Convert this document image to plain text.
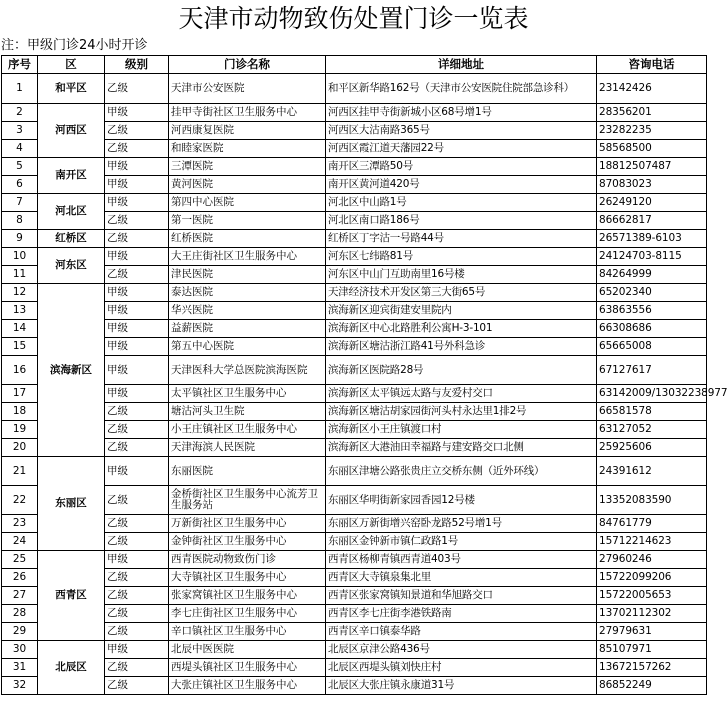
天津市动物致伤处置门诊一览表
注：甲级门诊24小时开诊
序号	区	级别	门诊名称	详细地址	咨询电话
1	和平区	乙级	天津市公安医院	和平区新华路162号（天津市公安医院住院部急诊科）	23142426
2	河西区	甲级	挂甲寺街社区卫生服务中心	河西区挂甲寺街新城小区68号增1号	28356201
3		乙级	河西康复医院	河西区大沽南路365号	23282235
4		乙级	和睦家医院	河西区霞江道天藩园22号	58568500
5	南开区	甲级	三潭医院	南开区三潭路50号	18812507487
6		甲级	黄河医院	南开区黄河道420号	87083023
7	河北区	甲级	第四中心医院	河北区中山路1号	26249120
8		乙级	第一医院	河北区南口路186号	86662817
9	红桥区	乙级	红桥医院	红桥区丁字沽一号路44号	26571389-6103
10	河东区	甲级	大王庄街社区卫生服务中心	河东区七纬路81号	24124703-8115
11		乙级	津民医院	河东区中山门互助南里16号楼	84264999
12	滨海新区	甲级	泰达医院	天津经济技术开发区第三大街65号	65202340
13		甲级	华兴医院	滨海新区迎宾街建安里院内	63863556
14		甲级	益薪医院	滨海新区中心北路胜利公寓H-3-101	66308686
15		甲级	第五中心医院	滨海新区塘沽浙江路41号外科急诊	65665008
16		甲级	天津医科大学总医院滨海医院	滨海新区医院路28号	67127617
17		甲级	太平镇社区卫生服务中心	滨海新区太平镇远太路与友爱村交口	63142009/13032238977
18		乙级	塘沽河头卫生院	滨海新区塘沽胡家园街河头村永达里1排2号	66581578
19		乙级	小王庄镇社区卫生服务中心	滨海新区小王庄镇渡口村	63127052
20		乙级	天津海滨人民医院	滨海新区大港油田幸福路与建安路交口北侧	25925606
21	东丽区	甲级	东丽医院	东丽区津塘公路张贵庄立交桥东侧（近外环线）	24391612
22		乙级	金桥街社区卫生服务中心流芳卫生服务站	东丽区华明街新家园香园12号楼	13352083590
23		乙级	万新街社区卫生服务中心	东丽区万新街增兴窑卧龙路52号增1号	84761779
24		乙级	金钟街社区卫生服务中心	东丽区金钟新市镇仁政路1号	15712214623
25	西青区	甲级	西青医院动物致伤门诊	西青区杨柳青镇西青道403号	27960246
26		乙级	大寺镇社区卫生服务中心	西青区大寺镇泉集北里	15722099206
27		乙级	张家窝镇社区卫生服务中心	西青区张家窝镇知景道和华旭路交口	15722005653
28		乙级	李七庄街社区卫生服务中心	西青区李七庄街李港铁路南	13702112302
29		乙级	辛口镇社区卫生服务中心	西青区辛口镇泰华路	27979631
30	北辰区	甲级	北辰中医医院	北辰区京津公路436号	85107971
31		乙级	西堤头镇社区卫生服务中心	北辰区西堤头镇刘快庄村	13672157262
32		乙级	大张庄镇社区卫生服务中心	北辰区大张庄镇永康道31号	86852249
